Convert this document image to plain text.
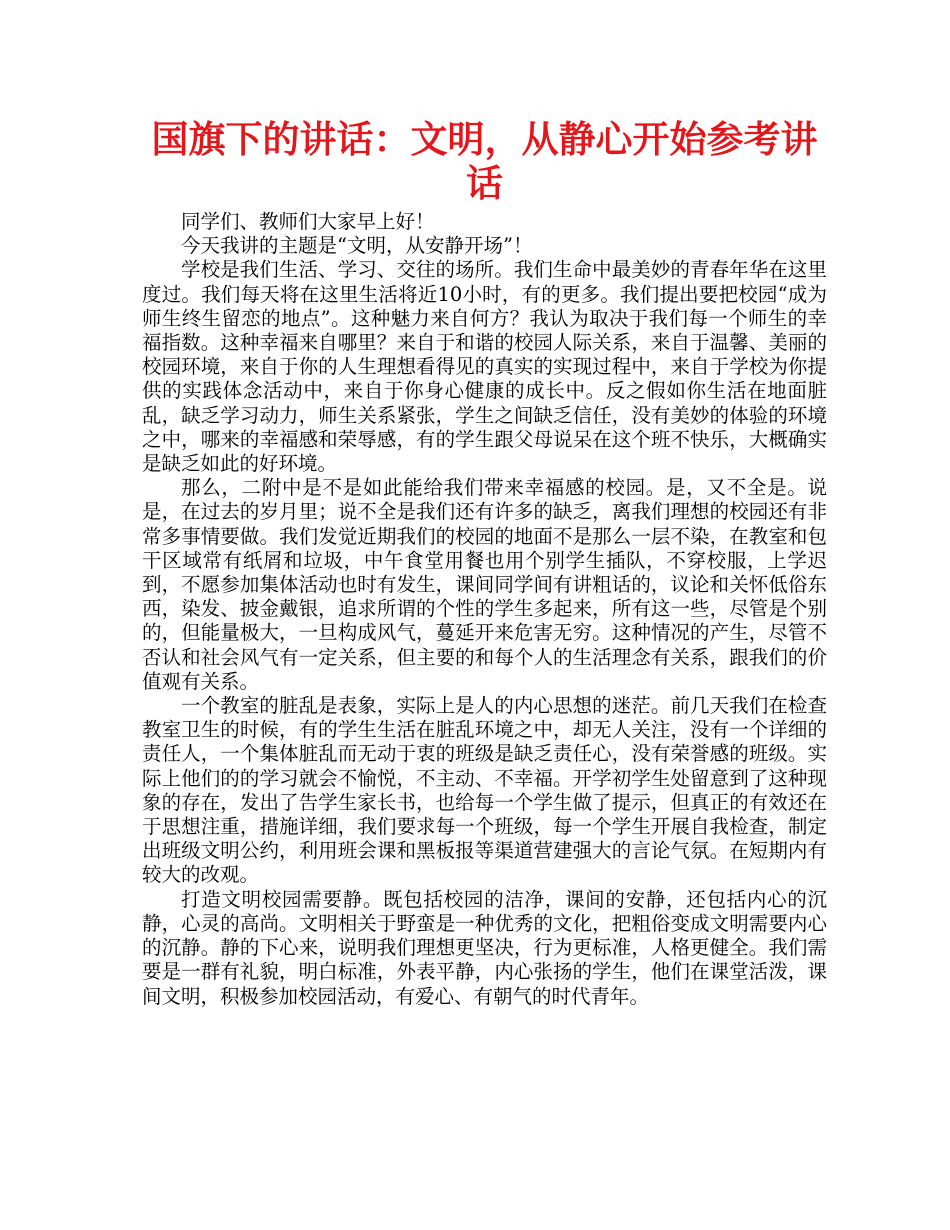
国旗下的讲话：文明，从静心开始参考讲话

同学们、教师们大家早上好！

今天我讲的主题是“文明，从安静开场”！

学校是我们生活、学习、交往的场所。我们生命中最美妙的青春年华在这里度过。我们每天将在这里生活将近10小时，有的更多。我们提出要把校园“成为师生终生留恋的地点”。这种魅力来自何方？我认为取决于我们每一个师生的幸福指数。这种幸福来自哪里？来自于和谐的校园人际关系，来自于温馨、美丽的校园环境，来自于你的人生理想看得见的真实的实现过程中，来自于学校为你提供的实践体念活动中，来自于你身心健康的成长中。反之假如你生活在地面脏乱，缺乏学习动力，师生关系紧张，学生之间缺乏信任，没有美妙的体验的环境之中，哪来的幸福感和荣辱感，有的学生跟父母说呆在这个班不快乐，大概确实是缺乏如此的好环境。

那么，二附中是不是如此能给我们带来幸福感的校园。是，又不全是。说是，在过去的岁月里；说不全是我们还有许多的缺乏，离我们理想的校园还有非常多事情要做。我们发觉近期我们的校园的地面不是那么一层不染，在教室和包干区域常有纸屑和垃圾，中午食堂用餐也用个别学生插队，不穿校服，上学迟到，不愿参加集体活动也时有发生，课间同学间有讲粗话的，议论和关怀低俗东西，染发、披金戴银，追求所谓的个性的学生多起来，所有这一些，尽管是个别的，但能量极大，一旦构成风气，蔓延开来危害无穷。这种情况的产生，尽管不否认和社会风气有一定关系，但主要的和每个人的生活理念有关系，跟我们的价值观有关系。

一个教室的脏乱是表象，实际上是人的内心思想的迷茫。前几天我们在检查教室卫生的时候，有的学生生活在脏乱环境之中，却无人关注，没有一个详细的责任人，一个集体脏乱而无动于衷的班级是缺乏责任心，没有荣誉感的班级。实际上他们的的学习就会不愉悦，不主动、不幸福。开学初学生处留意到了这种现象的存在，发出了告学生家长书，也给每一个学生做了提示，但真正的有效还在于思想注重，措施详细，我们要求每一个班级，每一个学生开展自我检查，制定出班级文明公约，利用班会课和黑板报等渠道营建强大的言论气氛。在短期内有较大的改观。

打造文明校园需要静。既包括校园的洁净，课间的安静，还包括内心的沉静，心灵的高尚。文明相关于野蛮是一种优秀的文化，把粗俗变成文明需要内心的沉静。静的下心来，说明我们理想更坚决，行为更标准，人格更健全。我们需要是一群有礼貌，明白标准，外表平静，内心张扬的学生，他们在课堂活泼，课间文明，积极参加校园活动，有爱心、有朝气的时代青年。
